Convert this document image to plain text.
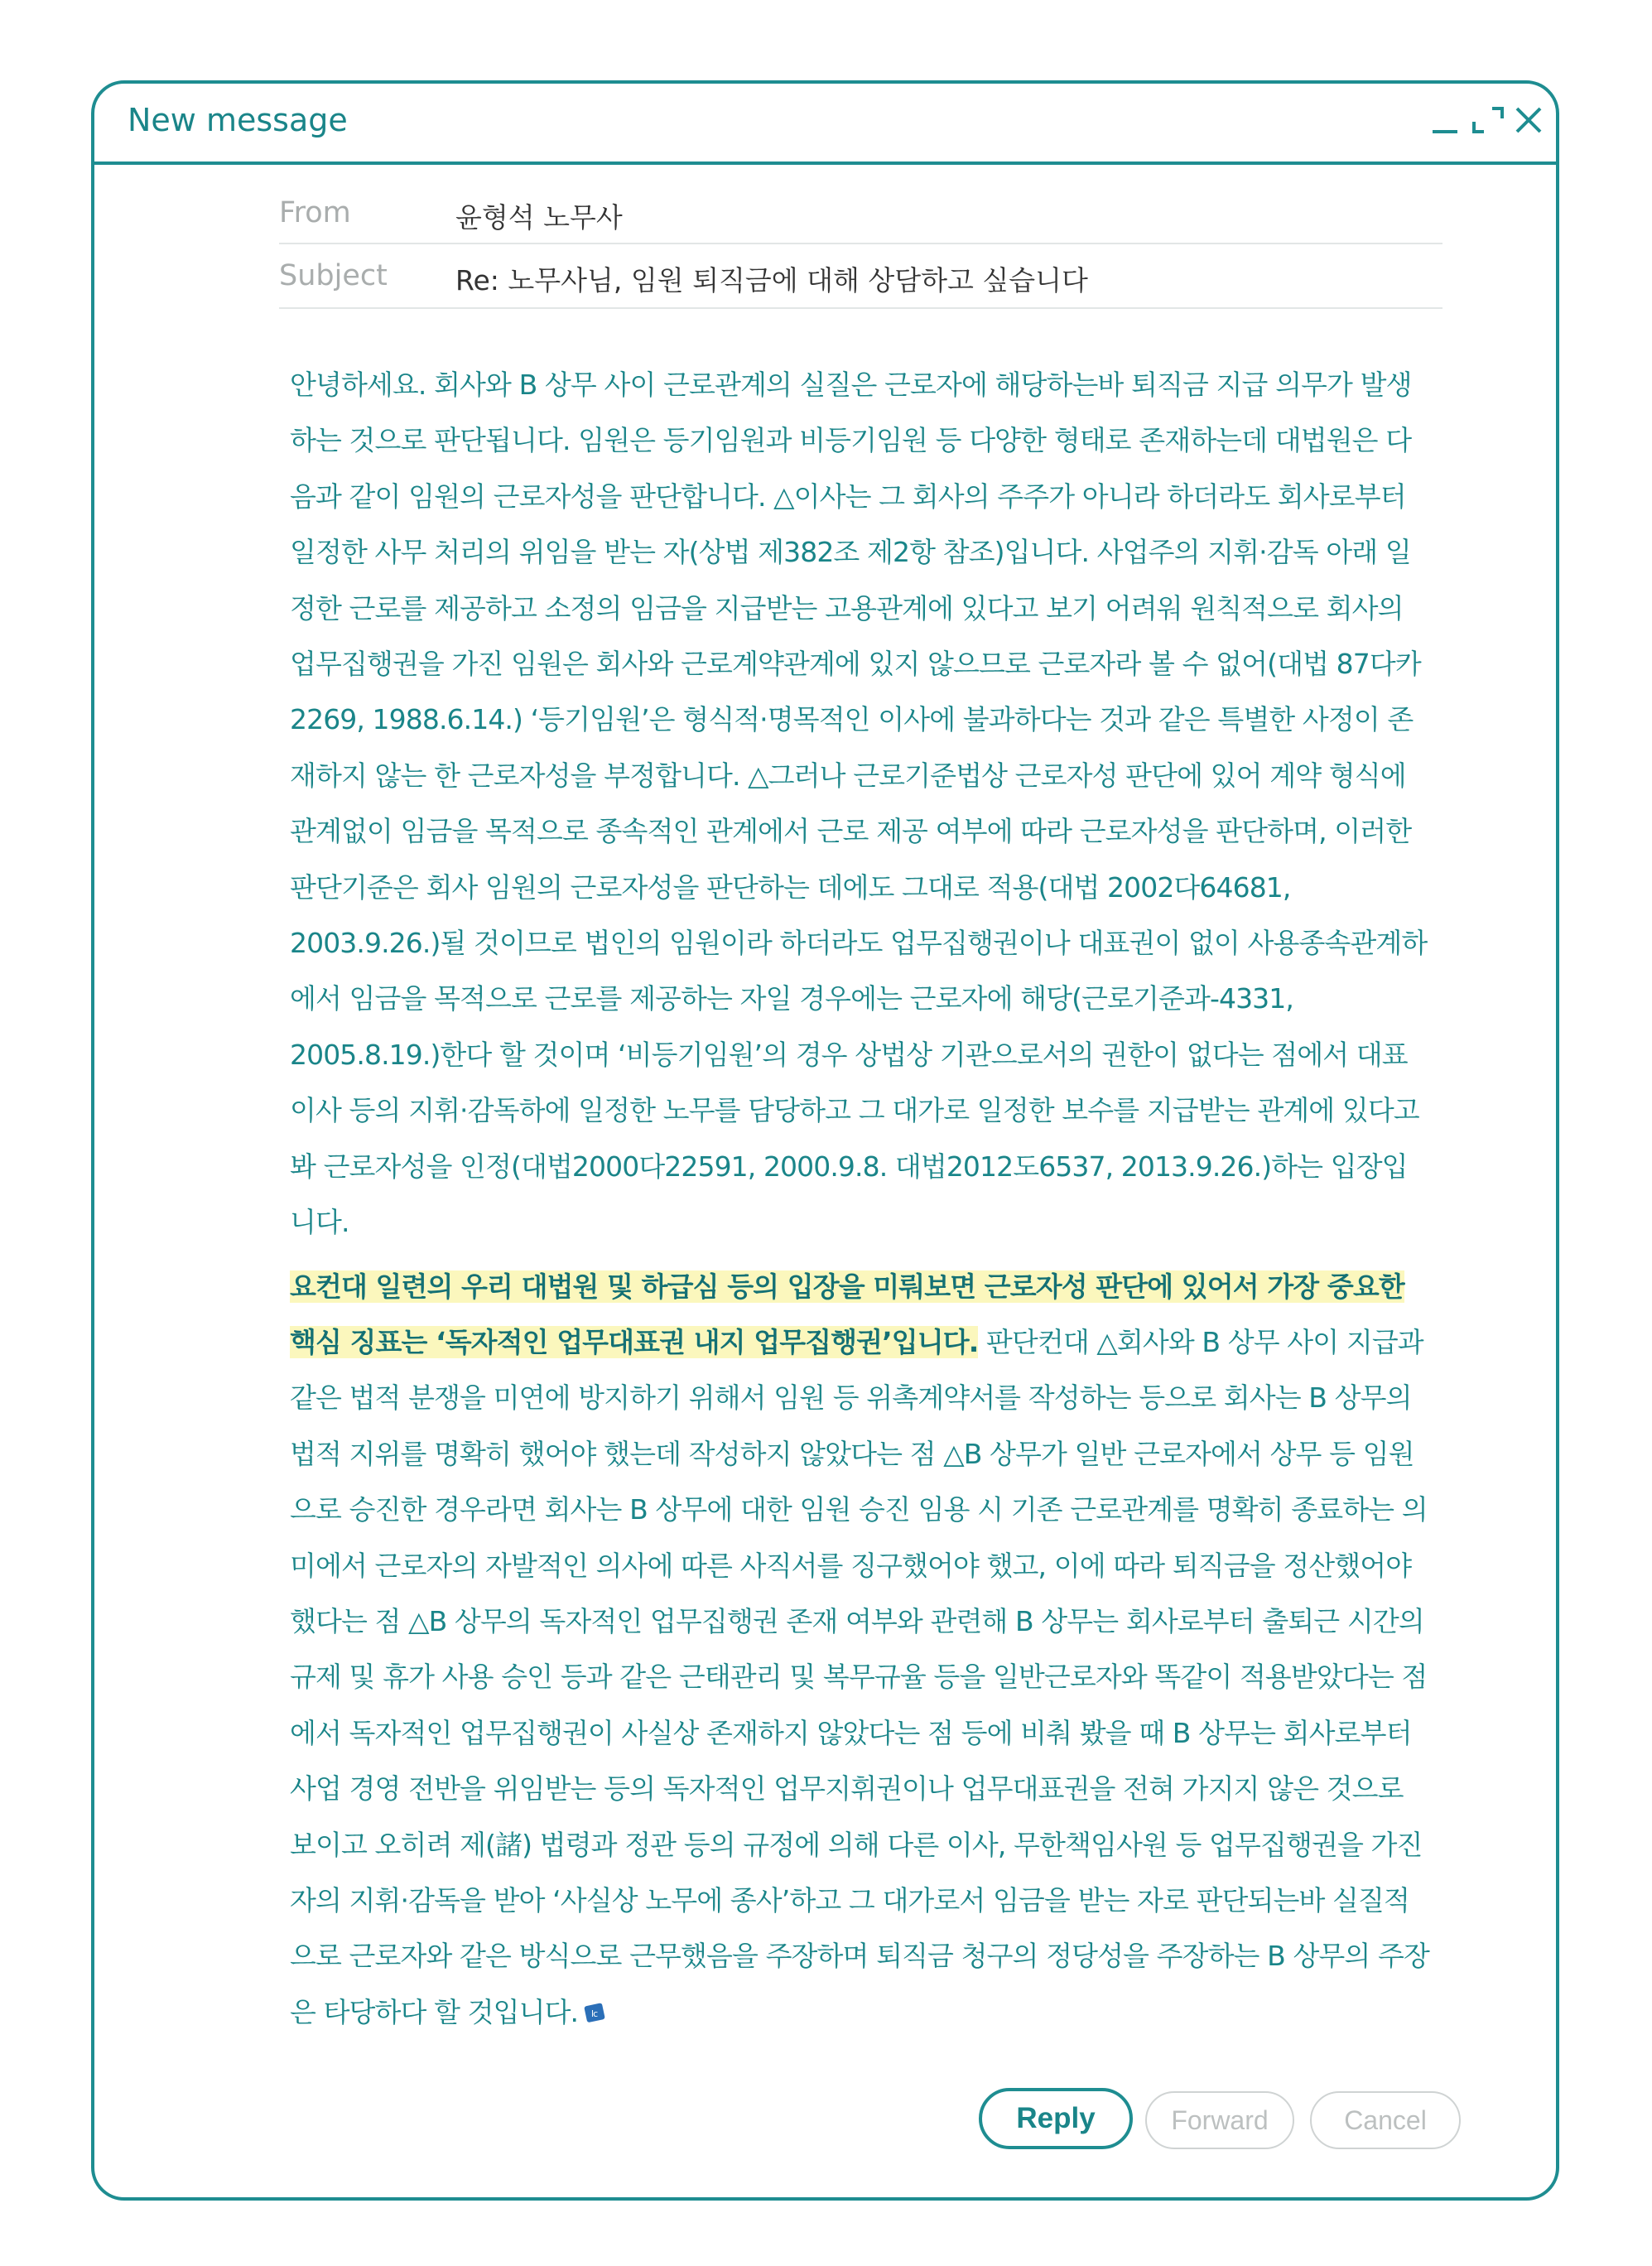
New message
From	윤형석 노무사
Subject Re: 노무사님, 임원 퇴직금에 대해 상담하고 싶습니다

안녕하세요. 회사와 B 상무 사이 근로관계의 실질은 근로자에 해당하는바 퇴직금 지급 의무가 발생하는 것으로 판단됩니다. 임원은 등기임원과 비등기임원 등 다양한 형태로 존재하는데 대법원은 다음과 같이 임원의 근로자성을 판단합니다. △이사는 그 회사의 주주가 아니라 하더라도 회사로부터 일정한 사무 처리의 위임을 받는 자(상법 제382조 제2항 참조)입니다. 사업주의 지휘·감독 아래 일정한 근로를 제공하고 소정의 임금을 지급받는 고용관계에 있다고 보기 어려워 원칙적으로 회사의 업무집행권을 가진 임원은 회사와 근로계약관계에 있지 않으므로 근로자라 볼 수 없어(대법 87다카2269, 1988.6.14.) ‘등기임원’은 형식적·명목적인 이사에 불과하다는 것과 같은 특별한 사정이 존재하지 않는 한 근로자성을 부정합니다. △그러나 근로기준법상 근로자성 판단에 있어 계약 형식에 관계없이 임금을 목적으로 종속적인 관계에서 근로 제공 여부에 따라 근로자성을 판단하며, 이러한 판단기준은 회사 임원의 근로자성을 판단하는 데에도 그대로 적용(대법 2002다64681, 2003.9.26.)될 것이므로 법인의 임원이라 하더라도 업무집행권이나 대표권이 없이 사용종속관계하에서 임금을 목적으로 근로를 제공하는 자일 경우에는 근로자에 해당(근로기준과-4331, 2005.8.19.)한다 할 것이며 ‘비등기임원’의 경우 상법상 기관으로서의 권한이 없다는 점에서 대표이사 등의 지휘·감독하에 일정한 노무를 담당하고 그 대가로 일정한 보수를 지급받는 관계에 있다고 봐 근로자성을 인정(대법2000다22591, 2000.9.8. 대법2012도6537, 2013.9.26.)하는 입장입니다.

요컨대 일련의 우리 대법원 및 하급심 등의 입장을 미뤄보면 근로자성 판단에 있어서 가장 중요한 핵심 징표는 ‘독자적인 업무대표권 내지 업무집행권’입니다. 판단컨대 △회사와 B 상무 사이 지급과 같은 법적 분쟁을 미연에 방지하기 위해서 임원 등 위촉계약서를 작성하는 등으로 회사는 B 상무의 법적 지위를 명확히 했어야 했는데 작성하지 않았다는 점 △B 상무가 일반 근로자에서 상무 등 임원으로 승진한 경우라면 회사는 B 상무에 대한 임원 승진 임용 시 기존 근로관계를 명확히 종료하는 의미에서 근로자의 자발적인 의사에 따른 사직서를 징구했어야 했고, 이에 따라 퇴직금을 정산했어야 했다는 점 △B 상무의 독자적인 업무집행권 존재 여부와 관련해 B 상무는 회사로부터 출퇴근 시간의 규제 및 휴가 사용 승인 등과 같은 근태관리 및 복무규율 등을 일반근로자와 똑같이 적용받았다는 점에서 독자적인 업무집행권이 사실상 존재하지 않았다는 점 등에 비춰 봤을 때 B 상무는 회사로부터 사업 경영 전반을 위임받는 등의 독자적인 업무지휘권이나 업무대표권을 전혀 가지지 않은 것으로 보이고 오히려 제(諸) 법령과 정관 등의 규정에 의해 다른 이사, 무한책임사원 등 업무집행권을 가진 자의 지휘·감독을 받아 ‘사실상 노무에 종사’하고 그 대가로서 임금을 받는 자로 판단되는바 실질적으로 근로자와 같은 방식으로 근무했음을 주장하며 퇴직금 청구의 정당성을 주장하는 B 상무의 주장은 타당하다 할 것입니다. lc

Reply	Forward	Cancel
